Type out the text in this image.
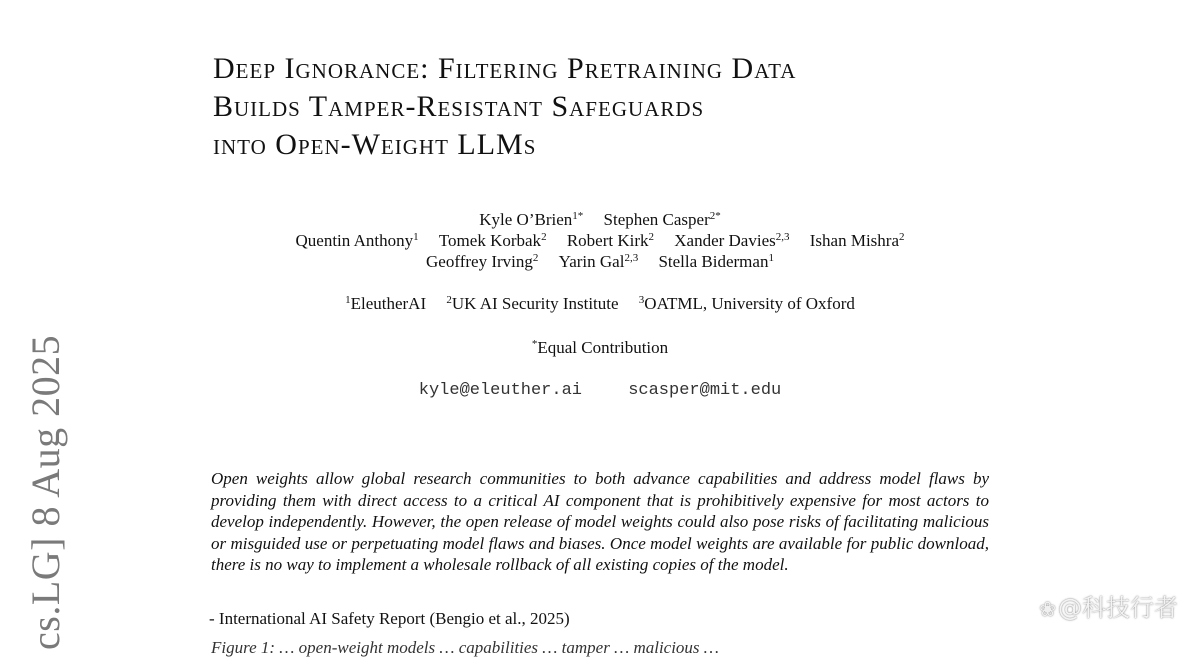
cs.LG] 8 Aug 2025
Deep Ignorance: Filtering Pretraining Data
Builds Tamper-Resistant Safeguards
into Open-Weight LLMs
Kyle O’Brien$^{1*}$ Stephen Casper$^{2*}$
Quentin Anthony$^1$ Tomek Korbak$^2$ Robert Kirk$^2$ Xander Davies$^{2,3}$ Ishan Mishra$^2$
Geoffrey Irving$^2$ Yarin Gal$^{2,3}$ Stella Biderman$^1$
$^1$EleutherAI $^2$UK AI Security Institute $^3$OATML, University of Oxford
*Equal Contribution
kyle@eleuther.ai	scasper@mit.edu
Open weights allow global research communities to both advance capabilities and address model flaws by providing them with direct access to a critical AI component that is prohibitively expensive for most actors to develop independently. However, the open release of model weights could also pose risks of facilitating malicious or misguided use or perpetuating model flaws and biases. Once model weights are available for public download, there is no way to implement a wholesale rollback of all existing copies of the model.
- International AI Safety Report (Bengio et al., 2025)
Figure 1: … open-weight models … capabilities … tamper … malicious …
❀@科技行者
